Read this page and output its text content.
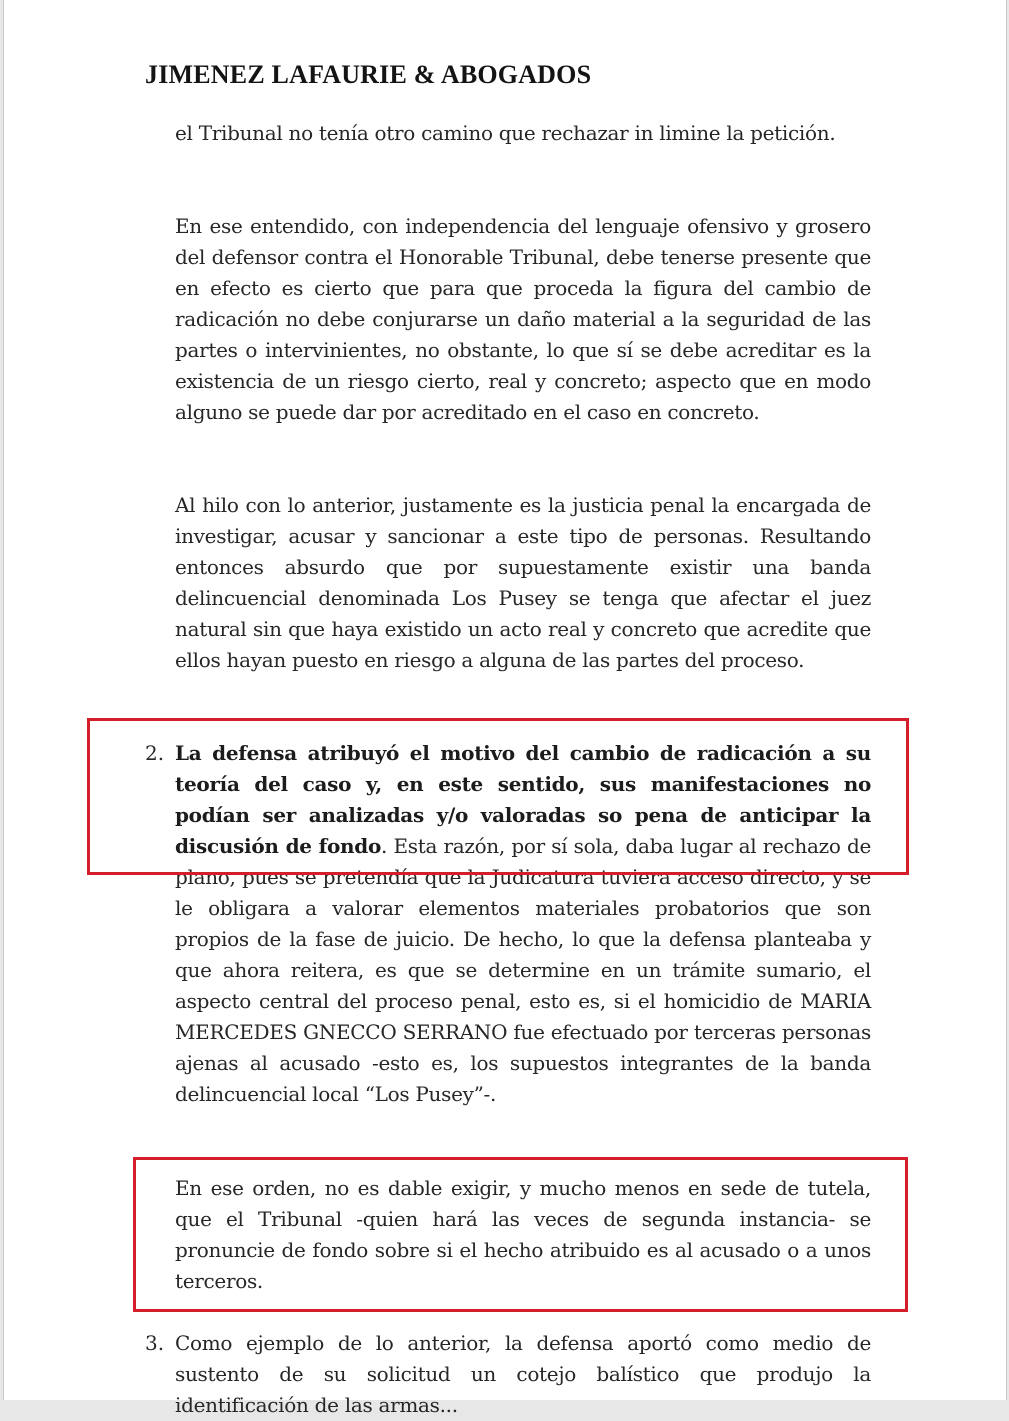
JIMENEZ LAFAURIE & ABOGADOS

el Tribunal no tenía otro camino que rechazar in limine la petición.

En ese entendido, con independencia del lenguaje ofensivo y grosero del defensor contra el Honorable Tribunal, debe tenerse presente que en efecto es cierto que para que proceda la figura del cambio de radicación no debe conjurarse un daño material a la seguridad de las partes o intervinientes, no obstante, lo que sí se debe acreditar es la existencia de un riesgo cierto, real y concreto; aspecto que en modo alguno se puede dar por acreditado en el caso en concreto.

Al hilo con lo anterior, justamente es la justicia penal la encargada de investigar, acusar y sancionar a este tipo de personas. Resultando entonces absurdo que por supuestamente existir una banda delincuencial denominada Los Pusey se tenga que afectar el juez natural sin que haya existido un acto real y concreto que acredite que ellos hayan puesto en riesgo a alguna de las partes del proceso.

2. La defensa atribuyó el motivo del cambio de radicación a su teoría del caso y, en este sentido, sus manifestaciones no podían ser analizadas y/o valoradas so pena de anticipar la discusión de fondo. Esta razón, por sí sola, daba lugar al rechazo de plano, pues se pretendía que la Judicatura tuviera acceso directo, y se le obligara a valorar elementos materiales probatorios que son propios de la fase de juicio. De hecho, lo que la defensa planteaba y que ahora reitera, es que se determine en un trámite sumario, el aspecto central del proceso penal, esto es, si el homicidio de MARIA MERCEDES GNECCO SERRANO fue efectuado por terceras personas ajenas al acusado -esto es, los supuestos integrantes de la banda delincuencial local “Los Pusey”-.

En ese orden, no es dable exigir, y mucho menos en sede de tutela, que el Tribunal -quien hará las veces de segunda instancia- se pronuncie de fondo sobre si el hecho atribuido es al acusado o a unos terceros.

3. Como ejemplo de lo anterior, la defensa aportó como medio de sustento de su solicitud un cotejo balístico que produjo la identificación de las armas...
